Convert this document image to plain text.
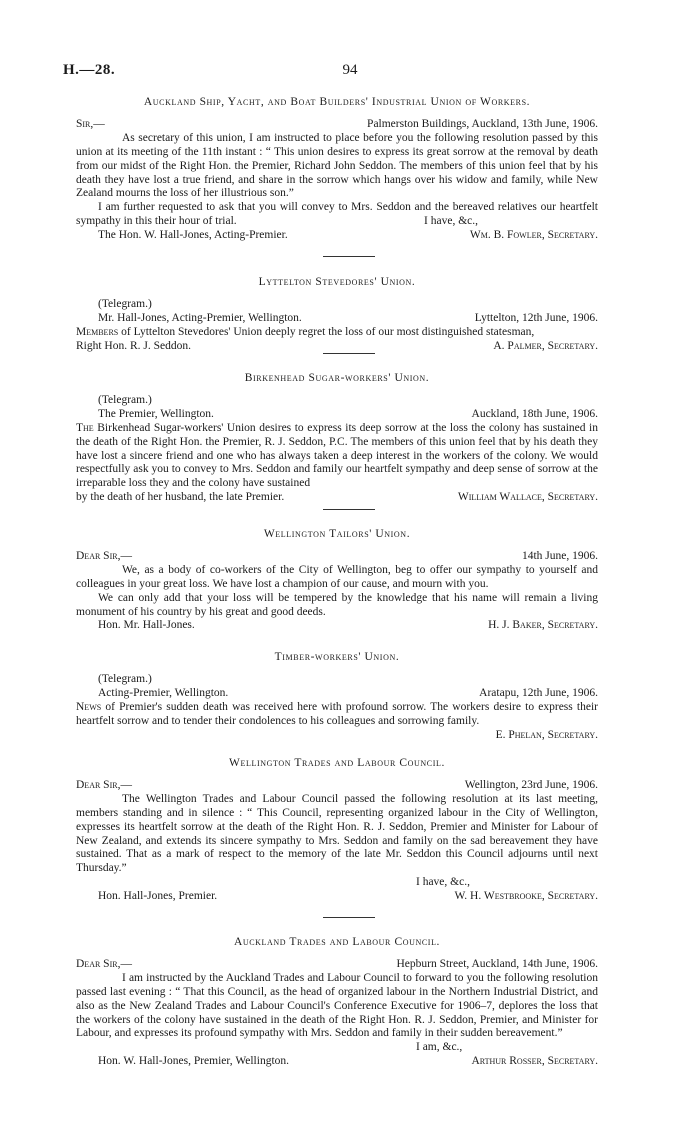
H.—28.	94
Auckland Ship, Yacht, and Boat Builders' Industrial Union of Workers.
Sir,—	Palmerston Buildings, Auckland, 13th June, 1906.
As secretary of this union, I am instructed to place before you the following resolution passed by this union at its meeting of the 11th instant : “ This union desires to express its great sorrow at the removal by death from our midst of the Right Hon. the Premier, Richard John Seddon. The members of this union feel that by his death they have lost a true friend, and share in the sorrow which hangs over his widow and family, while New Zealand mourns the loss of her illustrious son.”
I am further requested to ask that you will convey to Mrs. Seddon and the bereaved relatives our heartfelt sympathy in this their hour of trial.	I have, &c.,
The Hon. W. Hall-Jones, Acting-Premier.	Wm. B. Fowler, Secretary.
Lyttelton Stevedores' Union.
(Telegram.)
Mr. Hall-Jones, Acting-Premier, Wellington.	Lyttelton, 12th June, 1906.
Members of Lyttelton Stevedores' Union deeply regret the loss of our most distinguished statesman,
Right Hon. R. J. Seddon.	A. Palmer, Secretary.
Birkenhead Sugar-workers' Union.
(Telegram.)
The Premier, Wellington.	Auckland, 18th June, 1906.
The Birkenhead Sugar-workers' Union desires to express its deep sorrow at the loss the colony has sustained in the death of the Right Hon. the Premier, R. J. Seddon, P.C. The members of this union feel that by his death they have lost a sincere friend and one who has always taken a deep interest in the workers of the colony. We would respectfully ask you to convey to Mrs. Seddon and family our heartfelt sympathy and deep sense of sorrow at the irreparable loss they and the colony have sustained
by the death of her husband, the late Premier.	William Wallace, Secretary.
Wellington Tailors' Union.
Dear Sir,—	14th June, 1906.
We, as a body of co-workers of the City of Wellington, beg to offer our sympathy to yourself and colleagues in your great loss. We have lost a champion of our cause, and mourn with you.
We can only add that your loss will be tempered by the knowledge that his name will remain a living monument of his country by his great and good deeds.
Hon. Mr. Hall-Jones.	H. J. Baker, Secretary.
Timber-workers' Union.
(Telegram.)
Acting-Premier, Wellington.	Aratapu, 12th June, 1906.
News of Premier's sudden death was received here with profound sorrow. The workers desire to express their heartfelt sorrow and to tender their condolences to his colleagues and sorrowing family.
E. Phelan, Secretary.
Wellington Trades and Labour Council.
Dear Sir,—	Wellington, 23rd June, 1906.
The Wellington Trades and Labour Council passed the following resolution at its last meeting, members standing and in silence : “ This Council, representing organized labour in the City of Wellington, expresses its heartfelt sorrow at the death of the Right Hon. R. J. Seddon, Premier and Minister for Labour of New Zealand, and extends its sincere sympathy to Mrs. Seddon and family on the sad bereavement they have sustained. That as a mark of respect to the memory of the late Mr. Seddon this Council adjourns until next Thursday.”
I have, &c.,
Hon. Hall-Jones, Premier.	W. H. Westbrooke, Secretary.
Auckland Trades and Labour Council.
Dear Sir,—	Hepburn Street, Auckland, 14th June, 1906.
I am instructed by the Auckland Trades and Labour Council to forward to you the following resolution passed last evening : “ That this Council, as the head of organized labour in the Northern Industrial District, and also as the New Zealand Trades and Labour Council's Conference Executive for 1906–7, deplores the loss that the workers of the colony have sustained in the death of the Right Hon. R. J. Seddon, Premier, and Minister for Labour, and expresses its profound sympathy with Mrs. Seddon and family in their sudden bereavement.”
I am, &c.,
Hon. W. Hall-Jones, Premier, Wellington.	Arthur Rosser, Secretary.
